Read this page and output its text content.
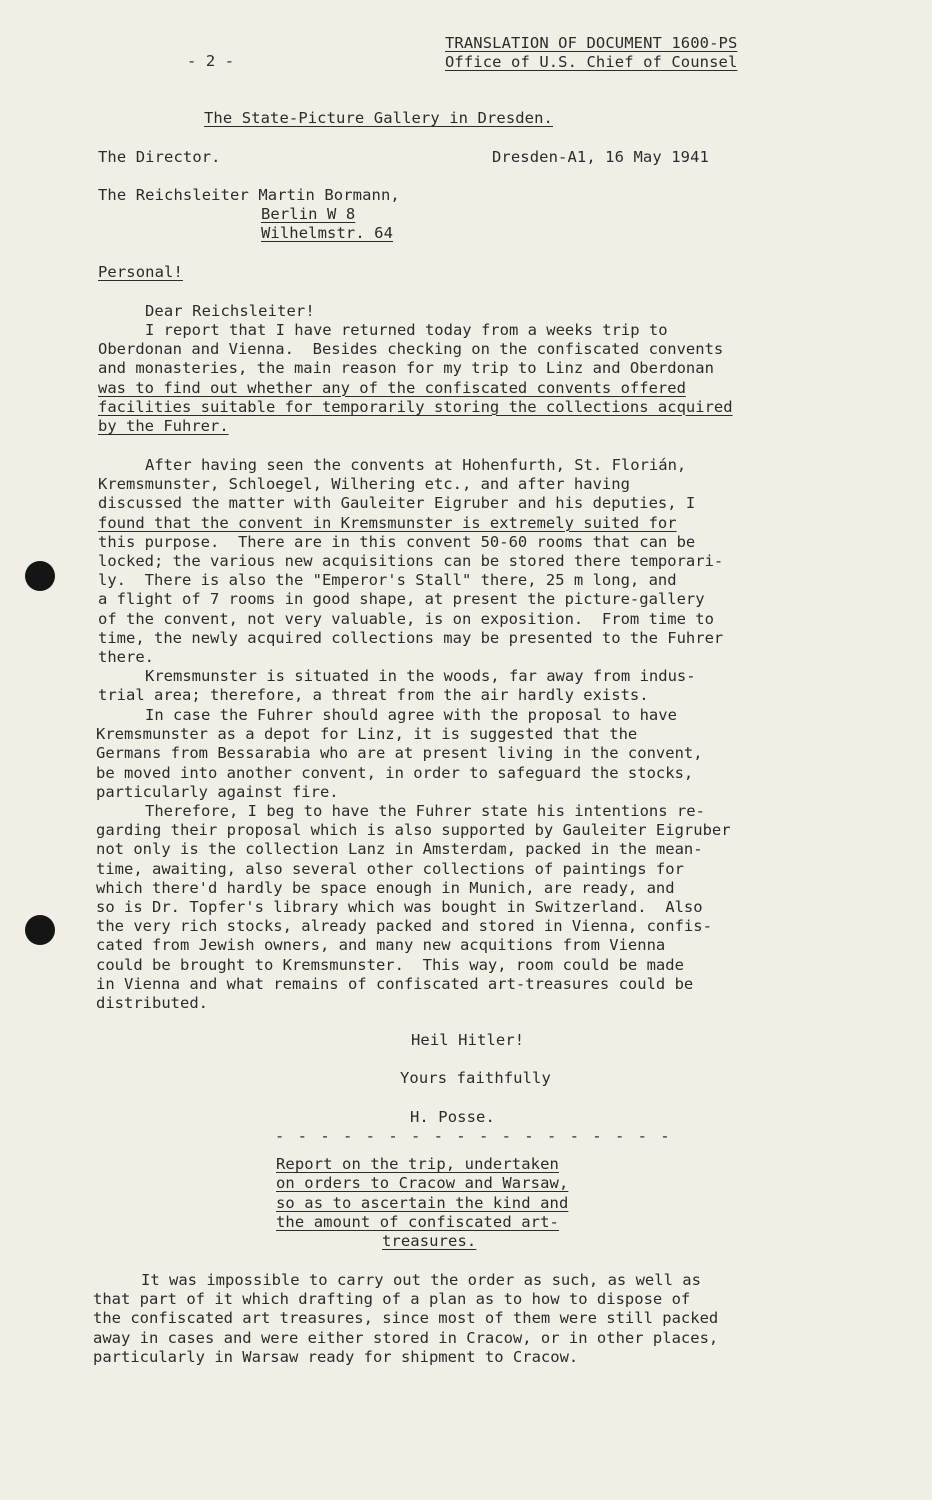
- 2 -
TRANSLATION OF DOCUMENT 1600-PS
Office of U.S. Chief of Counsel
The State-Picture Gallery in Dresden.
The Director.	Dresden-A1, 16 May 1941
The Reichsleiter Martin Bormann,
Berlin W 8
Wilhelmstr. 64
Personal!
Dear Reichsleiter!
I report that I have returned today from a weeks trip to
Oberdonan and Vienna.  Besides checking on the confiscated convents
and monasteries, the main reason for my trip to Linz and Oberdonan
was to find out whether any of the confiscated convents offered
facilities suitable for temporarily storing the collections acquired
by the Fuhrer.
After having seen the convents at Hohenfurth, St. Florián,
Kremsmunster, Schloegel, Wilhering etc., and after having
discussed the matter with Gauleiter Eigruber and his deputies, I
found that the convent in Kremsmunster is extremely suited for
this purpose.  There are in this convent 50-60 rooms that can be
locked; the various new acquisitions can be stored there temporari-
ly.  There is also the "Emperor's Stall" there, 25 m long, and
a flight of 7 rooms in good shape, at present the picture-gallery
of the convent, not very valuable, is on exposition.  From time to
time, the newly acquired collections may be presented to the Fuhrer
there.
Kremsmunster is situated in the woods, far away from indus-
trial area; therefore, a threat from the air hardly exists.
In case the Fuhrer should agree with the proposal to have
Kremsmunster as a depot for Linz, it is suggested that the
Germans from Bessarabia who are at present living in the convent,
be moved into another convent, in order to safeguard the stocks,
particularly against fire.
Therefore, I beg to have the Fuhrer state his intentions re-
garding their proposal which is also supported by Gauleiter Eigruber
not only is the collection Lanz in Amsterdam, packed in the mean-
time, awaiting, also several other collections of paintings for
which there'd hardly be space enough in Munich, are ready, and
so is Dr. Topfer's library which was bought in Switzerland.  Also
the very rich stocks, already packed and stored in Vienna, confis-
cated from Jewish owners, and many new acquitions from Vienna
could be brought to Kremsmunster.  This way, room could be made
in Vienna and what remains of confiscated art-treasures could be
distributed.
Heil Hitler!
Yours faithfully
H. Posse.
- - - - - - - - - - - - - - - - - -
Report on the trip, undertaken
on orders to Cracow and Warsaw,
so as to ascertain the kind and
the amount of confiscated art-
treasures.
It was impossible to carry out the order as such, as well as
that part of it which drafting of a plan as to how to dispose of
the confiscated art treasures, since most of them were still packed
away in cases and were either stored in Cracow, or in other places,
particularly in Warsaw ready for shipment to Cracow.
